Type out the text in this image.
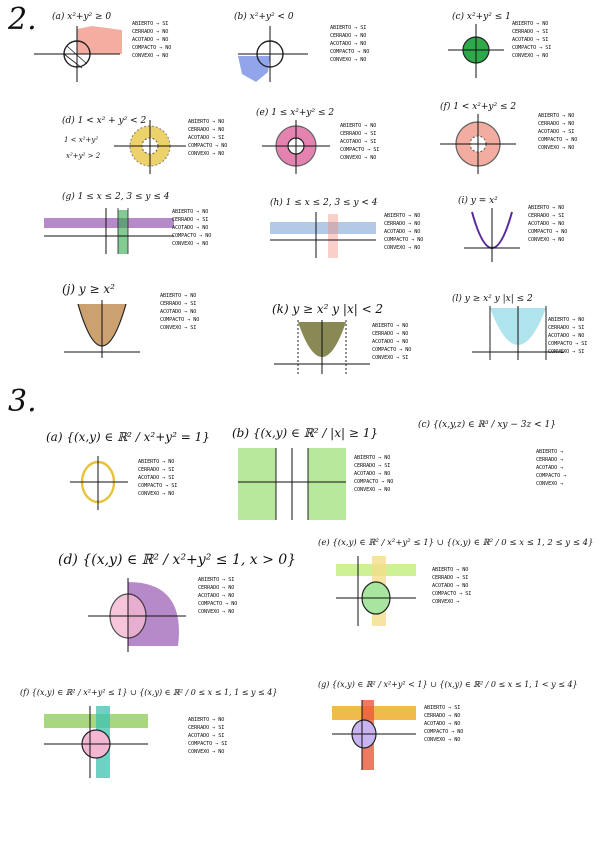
2. (a) x²+y² ≥ 0
ABIERTO → SI
CERRADO → NO
ACOTADO → NO
COMPACTO → NO
CONVEXO → NO
(b) x²+y² < 0
ABIERTO → SI
CERRADO → NO
ACOTADO → NO
COMPACTO → NO
CONVEXO → NO
(c) x²+y² ≤ 1
ABIERTO → NO
CERRADO → SI
ACOTADO → SI
COMPACTO → SI
CONVEXO → NO
(d) 1 < x² + y² < 2
1 < x²+y²
x²+y² > 2
ABIERTO → NO
CERRADO → NO
ACOTADO → SI
COMPACTO → NO
CONVEXO → NO
(e) 1 ≤ x²+y² ≤ 2
ABIERTO → NO
CERRADO → SI
ACOTADO → SI
COMPACTO → SI
CONVEXO → NO
(f) 1 < x²+y² ≤ 2
ABIERTO → NO
CERRADO → NO
ACOTADO → SI
COMPACTO → NO
CONVEXO → NO
(g) 1 ≤ x ≤ 2, 3 ≤ y ≤ 4
ABIERTO → NO
CERRADO → SI
ACOTADO → NO
COMPACTO → NO
CONVEXO → NO
(h) 1 ≤ x ≤ 2, 3 ≤ y < 4
ABIERTO → NO
CERRADO → NO
ACOTADO → NO
COMPACTO → NO
CONVEXO → NO
(i) y = x²
ABIERTO → NO
CERRADO → SI
ACOTADO → NO
COMPACTO → NO
CONVEXO → NO
(j) y ≥ x²	ABIERTO → NO
CERRADO → SI
ACOTADO → NO
COMPACTO → NO
CONVEXO → SI
(k) y ≥ x² y |x| < 2
ABIERTO → NO
CERRADO → NO
ACOTADO → NO
COMPACTO → NO
CONVEXO → SI
(l) y ≥ x² y |x| ≤ 2
ABIERTO → NO
CERRADO → SI
ACOTADO → NO
COMPACTO → SI
CONVEXO → SI
3.
(a) {(x,y) ∈ ℝ² / x²+y² = 1}
ABIERTO → NO
CERRADO → SI
ACOTADO → SI
COMPACTO → SI
CONVEXO → NO
(b) {(x,y) ∈ ℝ² / |x| ≥ 1}
ABIERTO → NO
CERRADO → SI
ACOTADO → NO
COMPACTO → NO
CONVEXO → NO
(c) {(x,y,z) ∈ ℝ³ / xy − 3z < 1}
ABIERTO →
CERRADO →
ACOTADO →
COMPACTO →
CONVEXO →
(d) {(x,y) ∈ ℝ² / x²+y² ≤ 1, x > 0}
ABIERTO → SI
CERRADO → NO
ACOTADO → NO
COMPACTO → NO
CONVEXO → NO
(e) {(x,y) ∈ ℝ² / x²+y² ≤ 1} ∪ {(x,y) ∈ ℝ² / 0 ≤ x ≤ 1, 2 ≤ y ≤ 4}
ABIERTO → NO
CERRADO → SI
ACOTADO → NO
COMPACTO → SI
CONVEXO →
(f) {(x,y) ∈ ℝ² / x²+y² ≤ 1} ∪ {(x,y) ∈ ℝ² / 0 ≤ x ≤ 1, 1 ≤ y ≤ 4}
ABIERTO → NO
CERRADO → SI
ACOTADO → SI
COMPACTO → SI
CONVEXO → NO
(g) {(x,y) ∈ ℝ² / x²+y² < 1} ∪ {(x,y) ∈ ℝ² / 0 ≤ x ≤ 1, 1 < y ≤ 4}
ABIERTO → SI
CERRADO → NO
ACOTADO → NO
COMPACTO → NO
CONVEXO → NO
